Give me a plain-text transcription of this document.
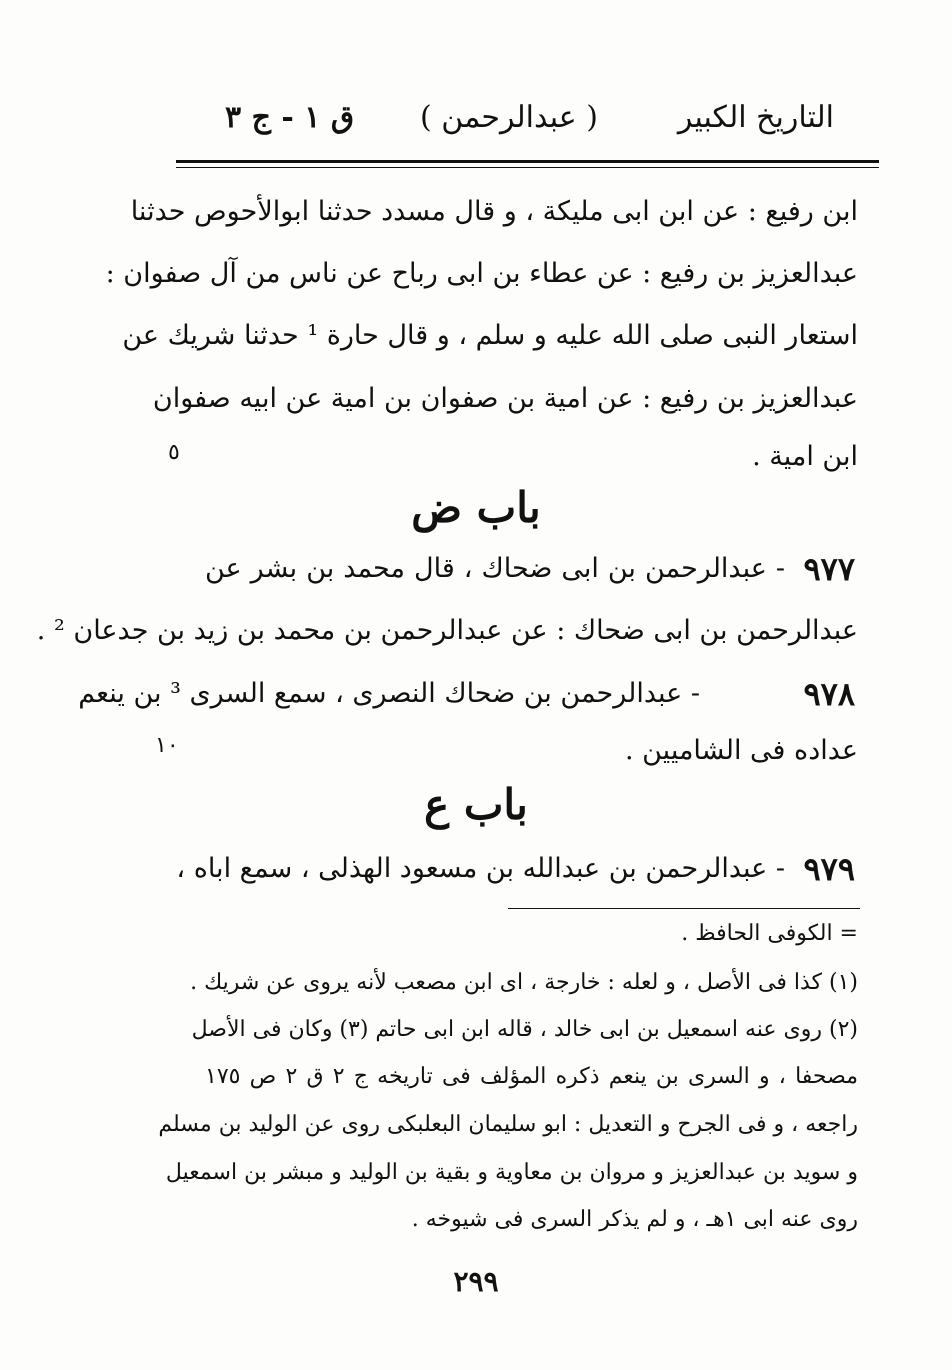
التاريخ الكبير
( عبدالرحمن )
ق ١ - ج ٣
ابن رفيع : عن ابن ابى مليكة ، و قال مسدد حدثنا ابوالأحوص حدثنا
عبدالعزيز بن رفيع : عن عطاء بن ابى رباح عن ناس من آل صفوان :
استعار النبى صلى الله عليه و سلم ، و قال حارة ¹ حدثنا شريك عن
عبدالعزيز بن رفيع : عن امية بن صفوان بن امية عن ابيه صفوان
ابن امية .
٥
باب ض
- عبدالرحمن بن ابى ضحاك ، قال محمد بن بشر عن ٩٧٧
عبدالرحمن بن ابى ضحاك : عن عبدالرحمن بن محمد بن زيد بن جدعان ² .
- عبدالرحمن بن ضحاك النصرى ، سمع السرى ³ بن ينعم	٩٧٨
عداده فى الشاميين .
١٠
باب ع
- عبدالرحمن بن عبدالله بن مسعود الهذلى ، سمع اباه ، ٩٧٩
= الكوفى الحافظ .
(١) كذا فى الأصل ، و لعله : خارجة ، اى ابن مصعب لأنه يروى عن شريك .
(٢) روى عنه اسمعيل بن ابى خالد ، قاله ابن ابى حاتم (٣) وكان فى الأصل
مصحفا ، و السرى بن ينعم ذكره المؤلف فى تاريخه ج ٢ ق ٢ ص ١٧٥
راجعه ، و فى الجرح و التعديل : ابو سليمان البعلبكى روى عن الوليد بن مسلم
و سويد بن عبدالعزيز و مروان بن معاوية و بقية بن الوليد و مبشر بن اسمعيل
روى عنه ابى ١هـ ، و لم يذكر السرى فى شيوخه .
٢٩٩
